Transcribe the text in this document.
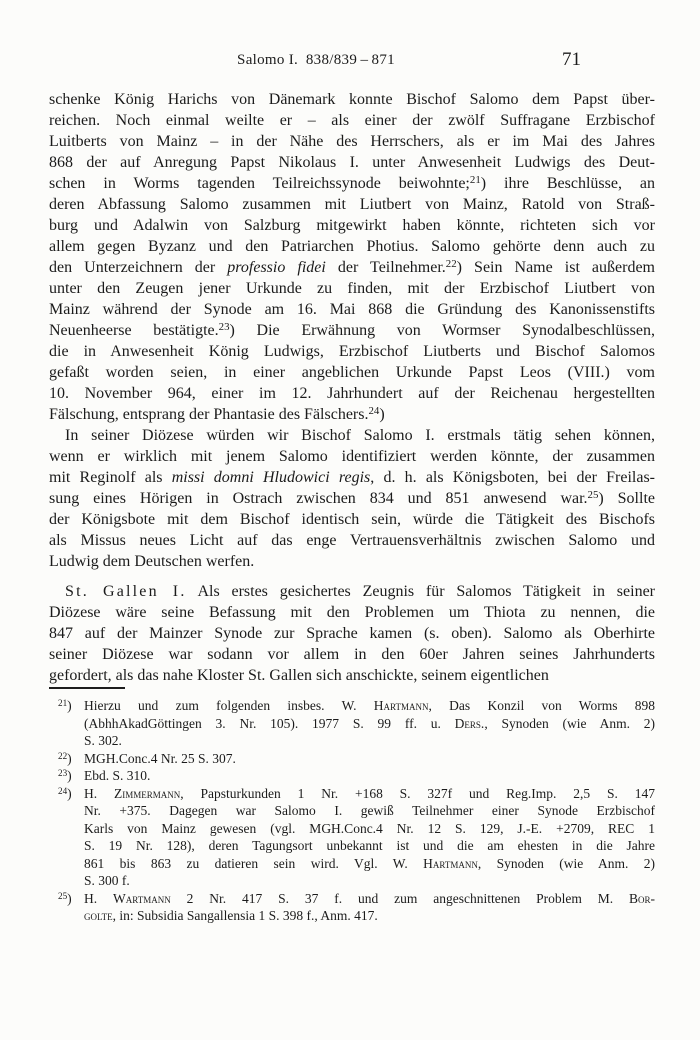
Salomo I. 838/839 – 871	71
schenke König Harichs von Dänemark konnte Bischof Salomo dem Papst über-
reichen. Noch einmal weilte er – als einer der zwölf Suffragane Erzbischof
Luitberts von Mainz – in der Nähe des Herrschers, als er im Mai des Jahres
868 der auf Anregung Papst Nikolaus I. unter Anwesenheit Ludwigs des Deut-
schen in Worms tagenden Teilreichssynode beiwohnte;$^{21}$) ihre Beschlüsse, an
deren Abfassung Salomo zusammen mit Liutbert von Mainz, Ratold von Straß-
burg und Adalwin von Salzburg mitgewirkt haben könnte, richteten sich vor
allem gegen Byzanz und den Patriarchen Photius. Salomo gehörte denn auch zu
den Unterzeichnern der professio fidei der Teilnehmer.$^{22}$) Sein Name ist außerdem
unter den Zeugen jener Urkunde zu finden, mit der Erzbischof Liutbert von
Mainz während der Synode am 16. Mai 868 die Gründung des Kanonissenstifts
Neuenheerse bestätigte.$^{23}$) Die Erwähnung von Wormser Synodalbeschlüssen,
die in Anwesenheit König Ludwigs, Erzbischof Liutberts und Bischof Salomos
gefaßt worden seien, in einer angeblichen Urkunde Papst Leos (VIII.) vom
10. November 964, einer im 12. Jahrhundert auf der Reichenau hergestellten
Fälschung, entsprang der Phantasie des Fälschers.$^{24}$)
In seiner Diözese würden wir Bischof Salomo I. erstmals tätig sehen können,
wenn er wirklich mit jenem Salomo identifiziert werden könnte, der zusammen
mit Reginolf als missi domni Hludowici regis, d. h. als Königsboten, bei der Freilas-
sung eines Hörigen in Ostrach zwischen 834 und 851 anwesend war.$^{25}$) Sollte
der Königsbote mit dem Bischof identisch sein, würde die Tätigkeit des Bischofs
als Missus neues Licht auf das enge Vertrauensverhältnis zwischen Salomo und
Ludwig dem Deutschen werfen.
St. Gallen I. Als erstes gesichertes Zeugnis für Salomos Tätigkeit in seiner
Diözese wäre seine Befassung mit den Problemen um Thiota zu nennen, die
847 auf der Mainzer Synode zur Sprache kamen (s. oben). Salomo als Oberhirte
seiner Diözese war sodann vor allem in den 60er Jahren seines Jahrhunderts
gefordert, als das nahe Kloster St. Gallen sich anschickte, seinem eigentlichen
$^{21}$) Hierzu und zum folgenden insbes. W. Hartmann, Das Konzil von Worms 898
(AbhhAkadGöttingen 3. Nr. 105). 1977 S. 99 ff. u. Ders., Synoden (wie Anm. 2)
S. 302.
$^{22}$) MGH.Conc.4 Nr. 25 S. 307.
$^{23}$) Ebd. S. 310.
$^{24}$) H. Zimmermann, Papsturkunden 1 Nr. +168 S. 327f und Reg.Imp. 2,5 S. 147
Nr. +375. Dagegen war Salomo I. gewiß Teilnehmer einer Synode Erzbischof
Karls von Mainz gewesen (vgl. MGH.Conc.4 Nr. 12 S. 129, J.-E. +2709, REC 1
S. 19 Nr. 128), deren Tagungsort unbekannt ist und die am ehesten in die Jahre
861 bis 863 zu datieren sein wird. Vgl. W. Hartmann, Synoden (wie Anm. 2)
S. 300 f.
$^{25}$) H. Wartmann 2 Nr. 417 S. 37 f. und zum angeschnittenen Problem M. Bor-
golte, in: Subsidia Sangallensia 1 S. 398 f., Anm. 417.
